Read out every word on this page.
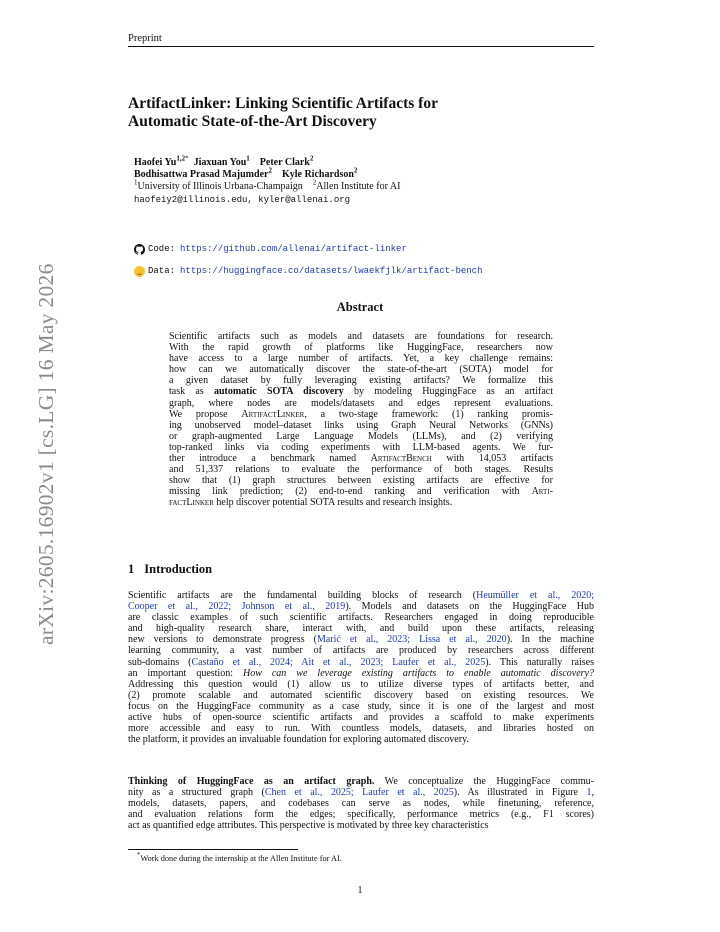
arXiv:2605.16902v1 [cs.LG] 16 May 2026
Preprint
ArtifactLinker: Linking Scientific Artifacts for
Automatic State-of-the-Art Discovery
Haofei $Yu^{1,2*}$ Jiaxuan You$^1$ Peter Clark$^2$
Bodhisattwa Prasad Majumder$^2$ Kyle Richardson$^2$
$^1$University of Illinois Urbana-Champaign $^2$Allen Institute for AI
haofeiy2@illinois.edu, kyler@allenai.org
Code: https://github.com/allenai/artifact-linker
Data: https://huggingface.co/datasets/lwaekfjlk/artifact-bench
Abstract
Scientific artifacts such as models and datasets are foundations for research.
With the rapid growth of platforms like HuggingFace, researchers now
have access to a large number of artifacts. Yet, a key challenge remains:
how can we automatically discover the state-of-the-art (SOTA) model for
a given dataset by fully leveraging existing artifacts? We formalize this
task as automatic SOTA discovery by modeling HuggingFace as an artifact
graph, where nodes are models/datasets and edges represent evaluations.
We propose ArtifactLinker, a two-stage framework: (1) ranking promis-
ing unobserved model–dataset links using Graph Neural Networks (GNNs)
or graph-augmented Large Language Models (LLMs), and (2) verifying
top-ranked links via coding experiments with LLM-based agents. We fur-
ther introduce a benchmark named ArtifactBench with 14,053 artifacts
and 51,337 relations to evaluate the performance of both stages. Results
show that (1) graph structures between existing artifacts are effective for
missing link prediction; (2) end-to-end ranking and verification with Arti-
factLinker help discover potential SOTA results and research insights.
1 Introduction
Scientific artifacts are the fundamental building blocks of research (Heumüller et al., 2020;
Cooper et al., 2022; Johnson et al., 2019). Models and datasets on the HuggingFace Hub
are classic examples of such scientific artifacts. Researchers engaged in doing reproducible
and high-quality research share, interact with, and build upon these artifacts, releasing
new versions to demonstrate progress (Marić et al., 2023; Lissa et al., 2020). In the machine
learning community, a vast number of artifacts are produced by researchers across different
sub-domains (Castaño et al., 2024; Ait et al., 2023; Laufer et al., 2025). This naturally raises
an important question: How can we leverage existing artifacts to enable automatic discovery?
Addressing this question would (1) allow us to utilize diverse types of artifacts better, and
(2) promote scalable and automated scientific discovery based on existing resources. We
focus on the HuggingFace community as a case study, since it is one of the largest and most
active hubs of open-source scientific artifacts and provides a scaffold to make experiments
more accessible and easy to run. With countless models, datasets, and libraries hosted on
the platform, it provides an invaluable foundation for exploring automated discovery.
Thinking of HuggingFace as an artifact graph. We conceptualize the HuggingFace commu-
nity as a structured graph (Chen et al., 2025; Laufer et al., 2025). As illustrated in Figure 1,
models, datasets, papers, and codebases can serve as nodes, while finetuning, reference,
and evaluation relations form the edges; specifically, performance metrics (e.g., F1 scores)
act as quantified edge attributes. This perspective is motivated by three key characteristics
*Work done during the internship at the Allen Institute for AI.
1
